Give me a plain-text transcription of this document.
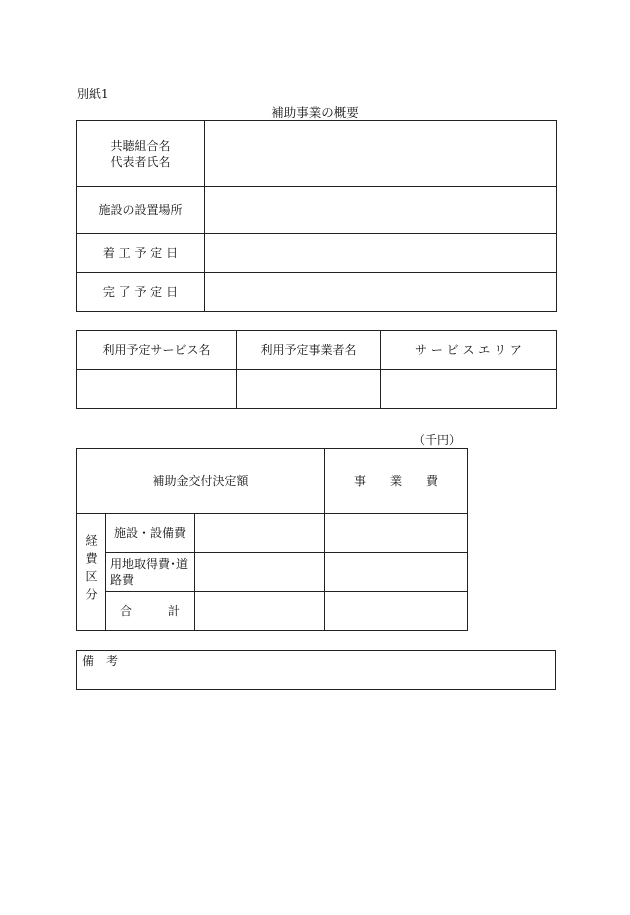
別紙1
補助事業の概要
共聴組合名
代表者氏名	

施設の設置場所	
着 工 予 定 日	
完 了 予 定 日	
利用予定サービス名	利用予定事業者名	サ ー ビ ス エ リ ア

（千円）
補助金交付決定額			事　　業　　費
経費区分	施設・設備費		

	用地取得費･道
路費		

	合　　　計		
備　考
